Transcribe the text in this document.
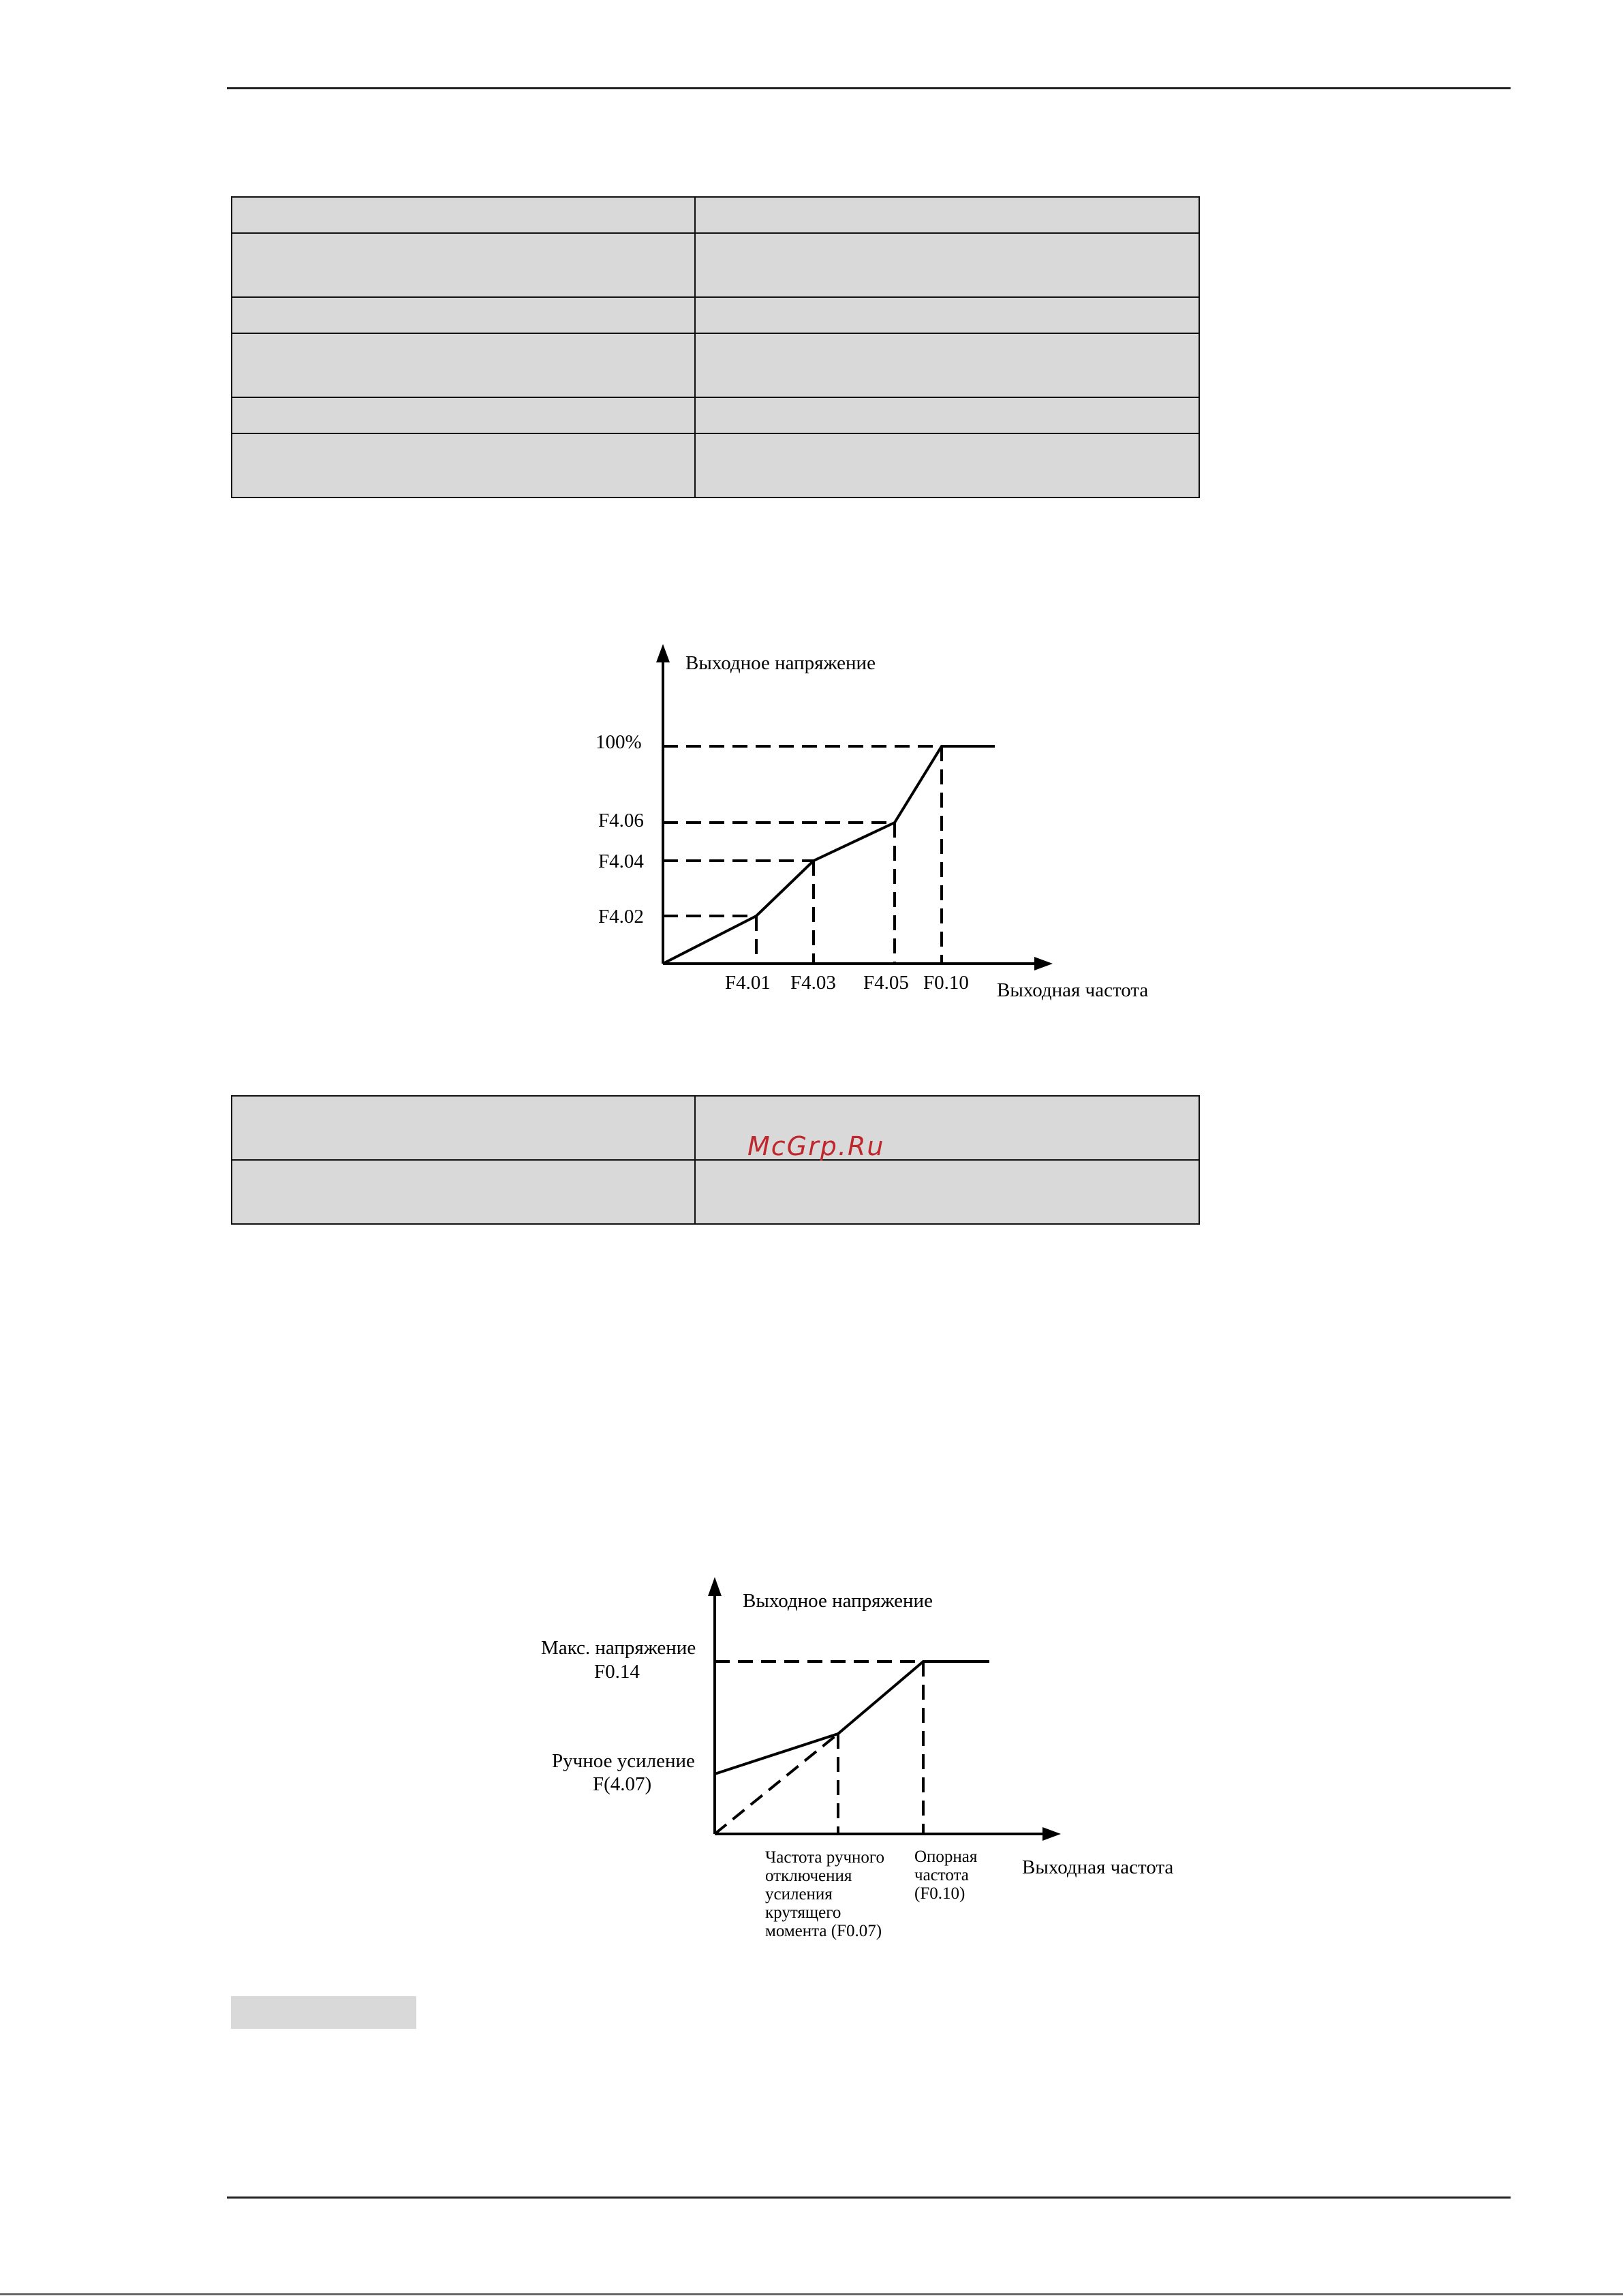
Выходное напряжение
100%
F4.06
F4.04
F4.02
F4.01 F4.03 F4.05 F0.10 Выходная частота

McGrp.Ru
Выходное напряжение
Макс. напряжение
F0.14
Ручное усиление
F(4.07)
Частота ручного
отключения
усиления
крутящего
момента (F0.07)
Опорная
частота
(F0.10)
Выходная частота
